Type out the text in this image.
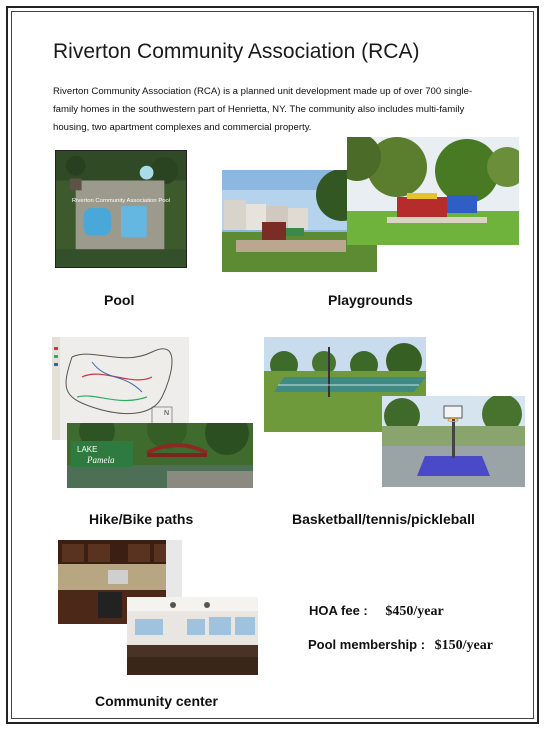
Riverton Community Association (RCA)
Riverton Community Association (RCA) is a planned unit development made up of over 700 single-family homes in the southwestern part of Henrietta, NY. The community also includes multi-family housing, two apartment complexes and commercial property.
Riverton Community Association Pool
N
LAKE
Pamela
Pool	Playgrounds
Hike/Bike paths	Basketball/tennis/pickleball
Community center
HOA fee : $450/year
Pool membership : $150/year
